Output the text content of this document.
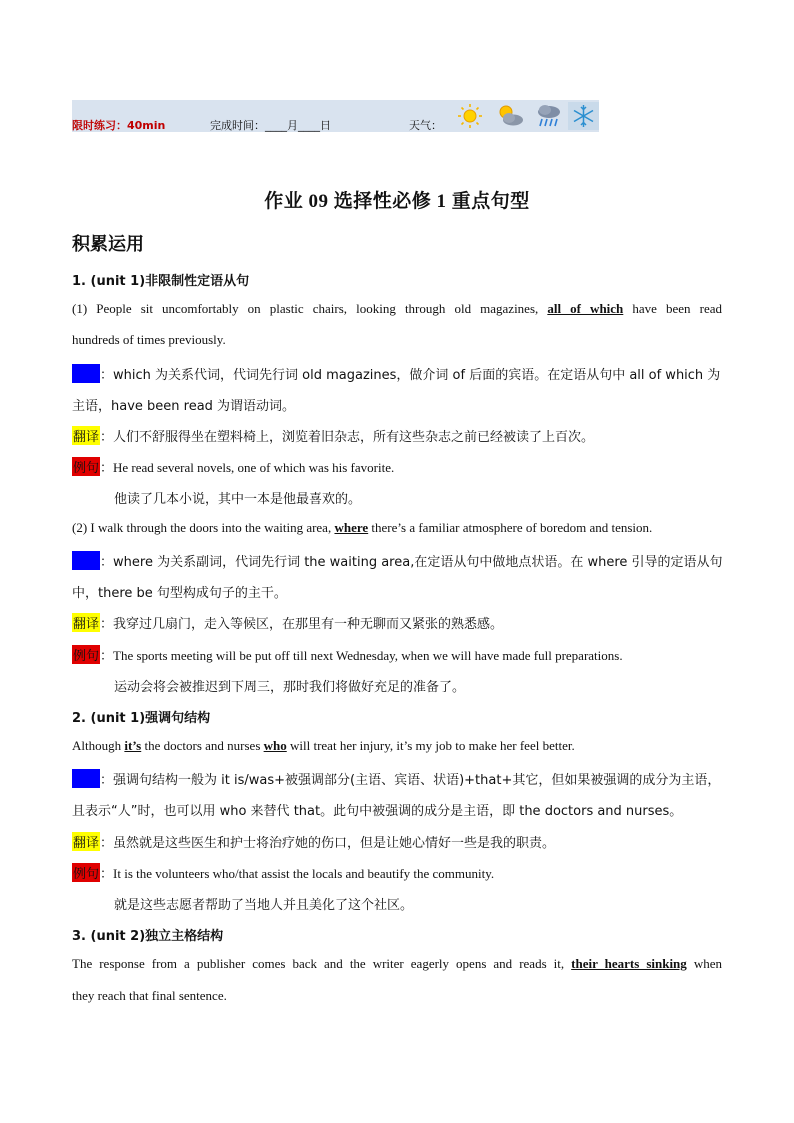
限时练习：40min	完成时间：____月____日	天气：
作业 09 选择性必修 1 重点句型
积累运用
1. (unit 1)非限制性定语从句
(1) People sit uncomfortably on plastic chairs, looking through old magazines, all of which have been read
hundreds of times previously.
解析：which 为关系代词，代词先行词 old magazines，做介词 of 后面的宾语。在定语从句中 all of which 为
主语，have been read 为谓语动词。
翻译：人们不舒服得坐在塑料椅上，浏览着旧杂志，所有这些杂志之前已经被读了上百次。
例句：He read several novels, one of which was his favorite.
他读了几本小说，其中一本是他最喜欢的。
(2) I walk through the doors into the waiting area, where there’s a familiar atmosphere of boredom and tension.
解析：where 为关系副词，代词先行词 the waiting area,在定语从句中做地点状语。在 where 引导的定语从句
中，there be 句型构成句子的主干。
翻译：我穿过几扇门，走入等候区，在那里有一种无聊而又紧张的熟悉感。
例句：The sports meeting will be put off till next Wednesday, when we will have made full preparations.
运动会将会被推迟到下周三，那时我们将做好充足的准备了。
2. (unit 1)强调句结构
Although it’s the doctors and nurses who will treat her injury, it’s my job to make her feel better.
解析：强调句结构一般为 it is/was+被强调部分(主语、宾语、状语)+that+其它，但如果被强调的成分为主语，
且表示“人”时，也可以用 who 来替代 that。此句中被强调的成分是主语，即 the doctors and nurses。
翻译：虽然就是这些医生和护士将治疗她的伤口，但是让她心情好一些是我的职责。
例句：It is the volunteers who/that assist the locals and beautify the community.
就是这些志愿者帮助了当地人并且美化了这个社区。
3. (unit 2)独立主格结构
The response from a publisher comes back and the writer eagerly opens and reads it, their hearts sinking when
they reach that final sentence.
